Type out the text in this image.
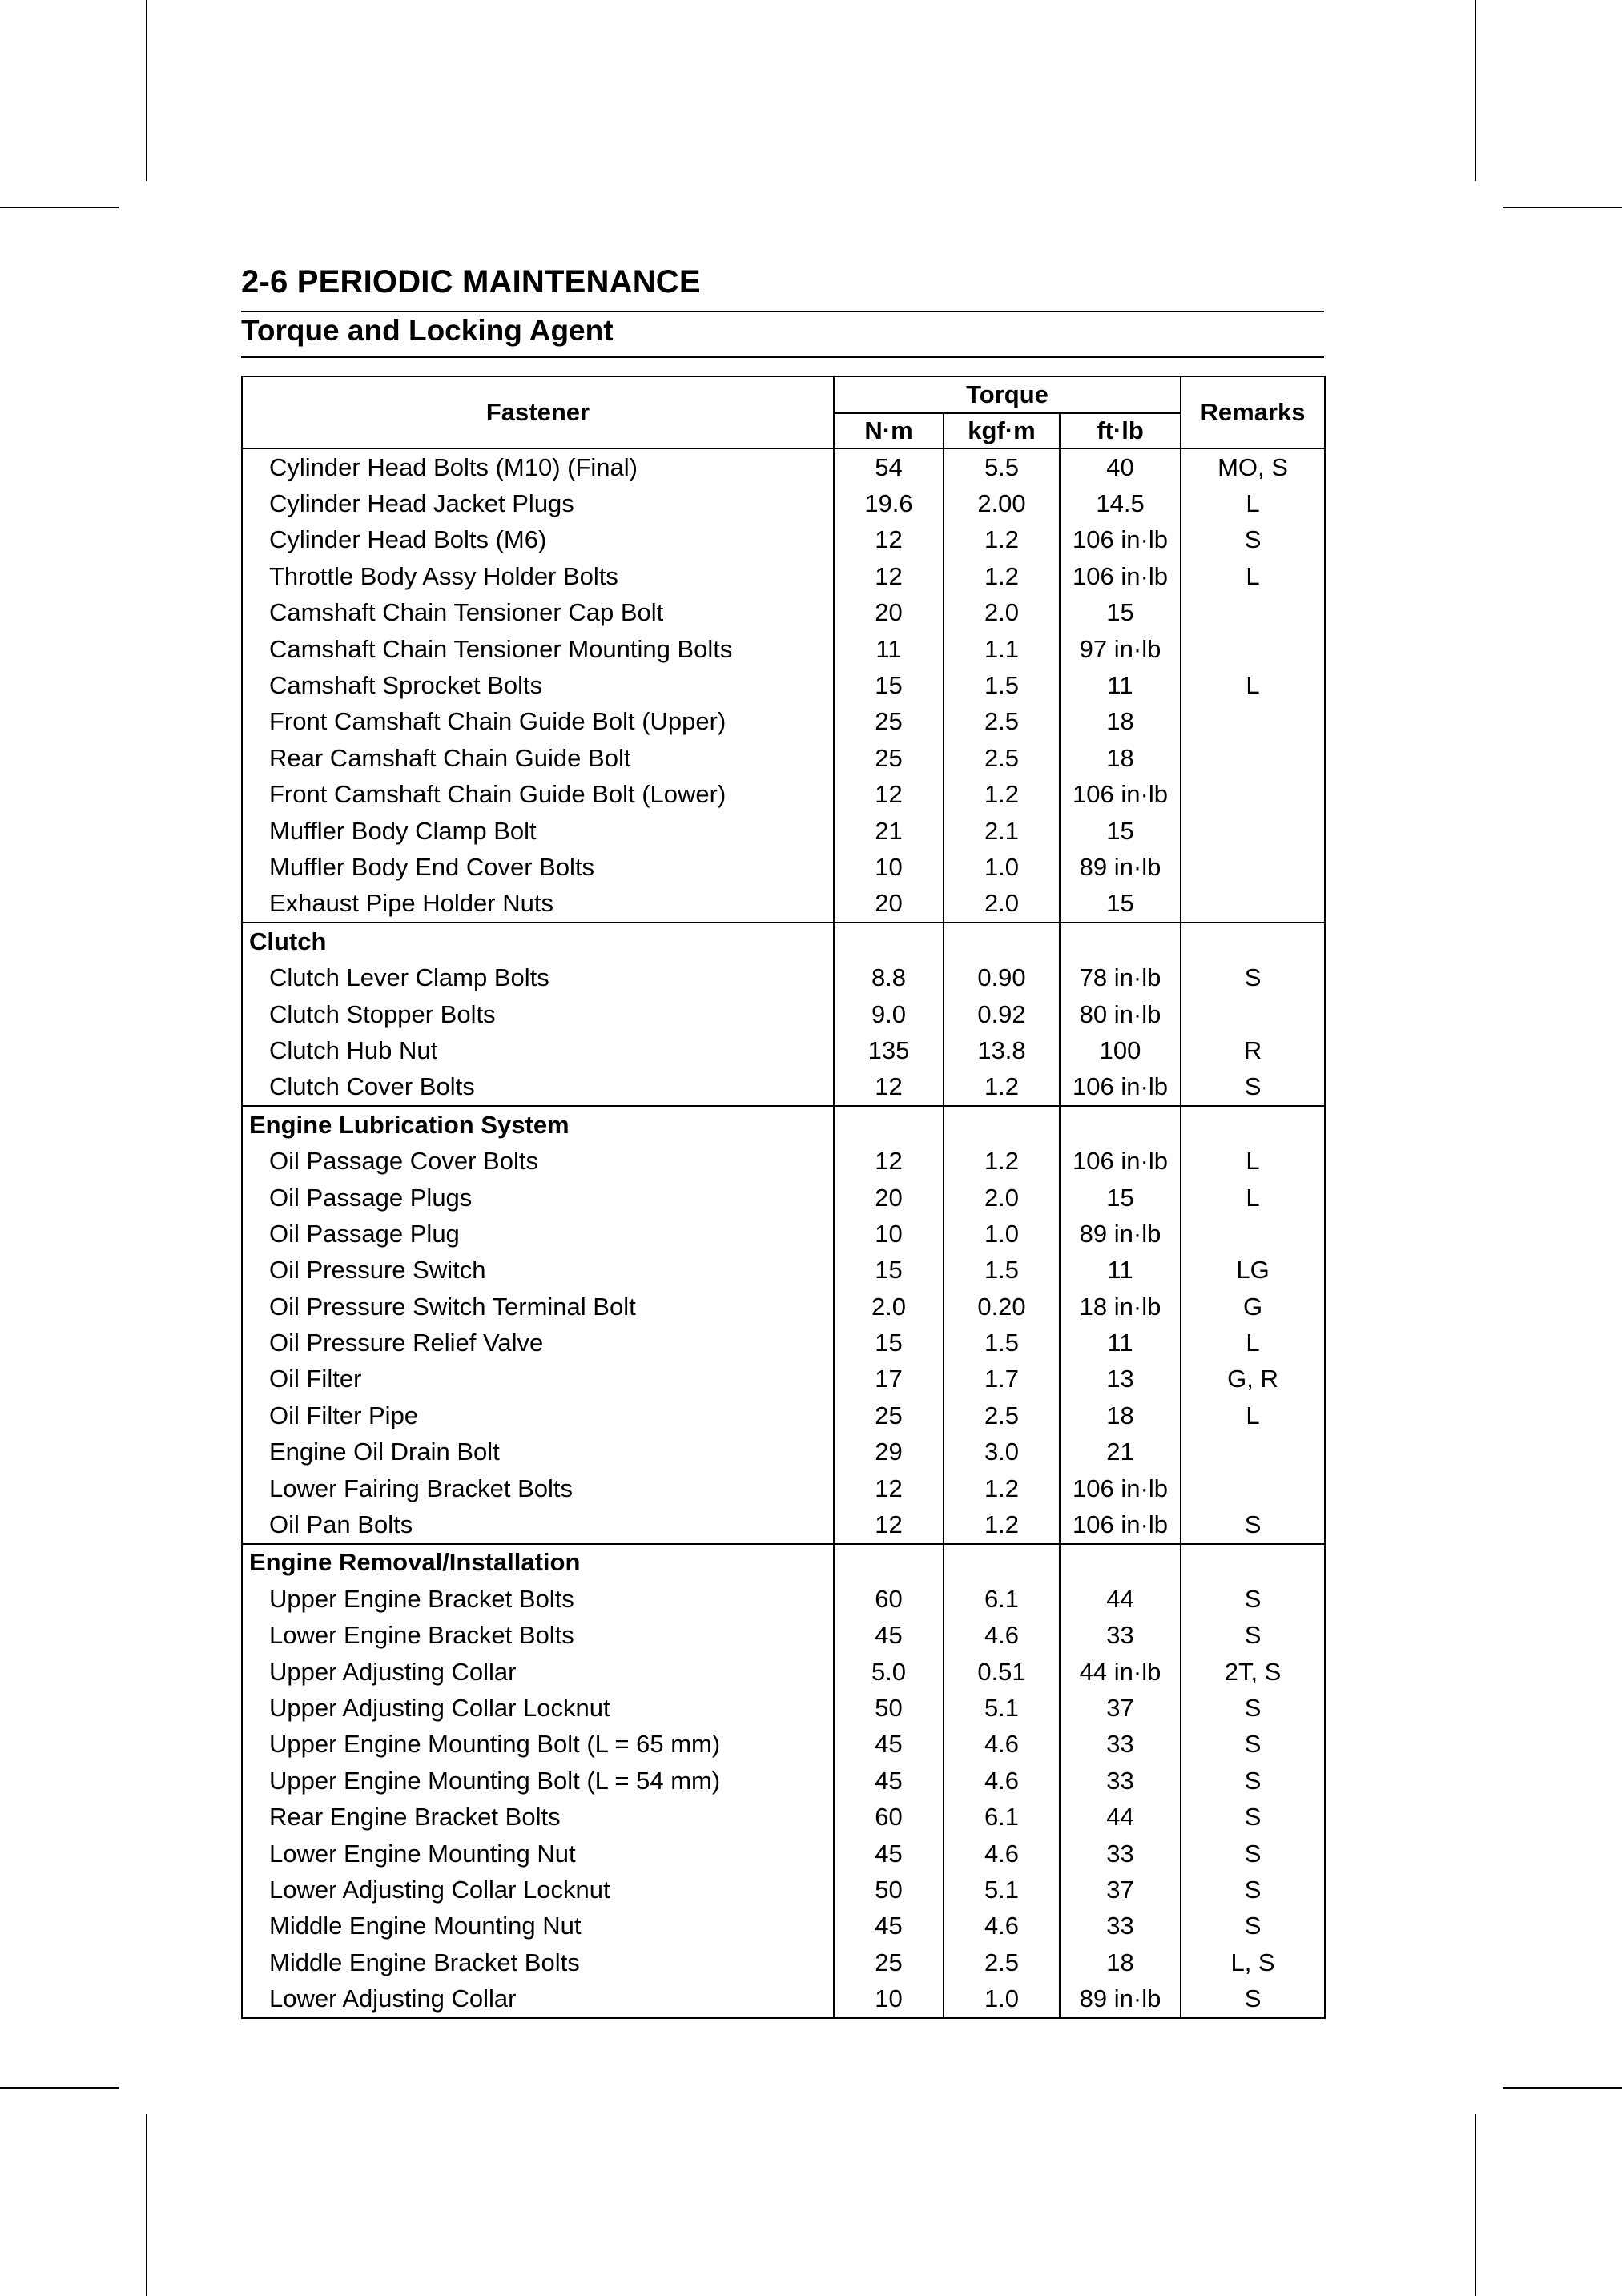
2-6 PERIODIC MAINTENANCE
Torque and Locking Agent
Fastener	Torque			Remarks
	N·m	kgf·m	ft·lb	
Cylinder Head Bolts (M10) (Final)	54	5.5	40	MO, S
Cylinder Head Jacket Plugs	19.6	2.00	14.5	L
Cylinder Head Bolts (M6)	12	1.2	106 in·lb	S
Throttle Body Assy Holder Bolts	12	1.2	106 in·lb	L
Camshaft Chain Tensioner Cap Bolt	20	2.0	15	
Camshaft Chain Tensioner Mounting Bolts	11	1.1	97 in·lb	
Camshaft Sprocket Bolts	15	1.5	11	L
Front Camshaft Chain Guide Bolt (Upper)	25	2.5	18	
Rear Camshaft Chain Guide Bolt	25	2.5	18	
Front Camshaft Chain Guide Bolt (Lower)	12	1.2	106 in·lb	
Muffler Body Clamp Bolt	21	2.1	15	
Muffler Body End Cover Bolts	10	1.0	89 in·lb	
Exhaust Pipe Holder Nuts	20	2.0	15	
Clutch				
Clutch Lever Clamp Bolts	8.8	0.90	78 in·lb	S
Clutch Stopper Bolts	9.0	0.92	80 in·lb	
Clutch Hub Nut	135	13.8	100	R
Clutch Cover Bolts	12	1.2	106 in·lb	S
Engine Lubrication System				
Oil Passage Cover Bolts	12	1.2	106 in·lb	L
Oil Passage Plugs	20	2.0	15	L
Oil Passage Plug	10	1.0	89 in·lb	
Oil Pressure Switch	15	1.5	11	LG
Oil Pressure Switch Terminal Bolt	2.0	0.20	18 in·lb	G
Oil Pressure Relief Valve	15	1.5	11	L
Oil Filter	17	1.7	13	G, R
Oil Filter Pipe	25	2.5	18	L
Engine Oil Drain Bolt	29	3.0	21	
Lower Fairing Bracket Bolts	12	1.2	106 in·lb	
Oil Pan Bolts	12	1.2	106 in·lb	S
Engine Removal/Installation				
Upper Engine Bracket Bolts	60	6.1	44	S
Lower Engine Bracket Bolts	45	4.6	33	S
Upper Adjusting Collar	5.0	0.51	44 in·lb	2T, S
Upper Adjusting Collar Locknut	50	5.1	37	S
Upper Engine Mounting Bolt (L = 65 mm)	45	4.6	33	S
Upper Engine Mounting Bolt (L = 54 mm)	45	4.6	33	S
Rear Engine Bracket Bolts	60	6.1	44	S
Lower Engine Mounting Nut	45	4.6	33	S
Lower Adjusting Collar Locknut	50	5.1	37	S
Middle Engine Mounting Nut	45	4.6	33	S
Middle Engine Bracket Bolts	25	2.5	18	L, S
Lower Adjusting Collar	10	1.0	89 in·lb	S
